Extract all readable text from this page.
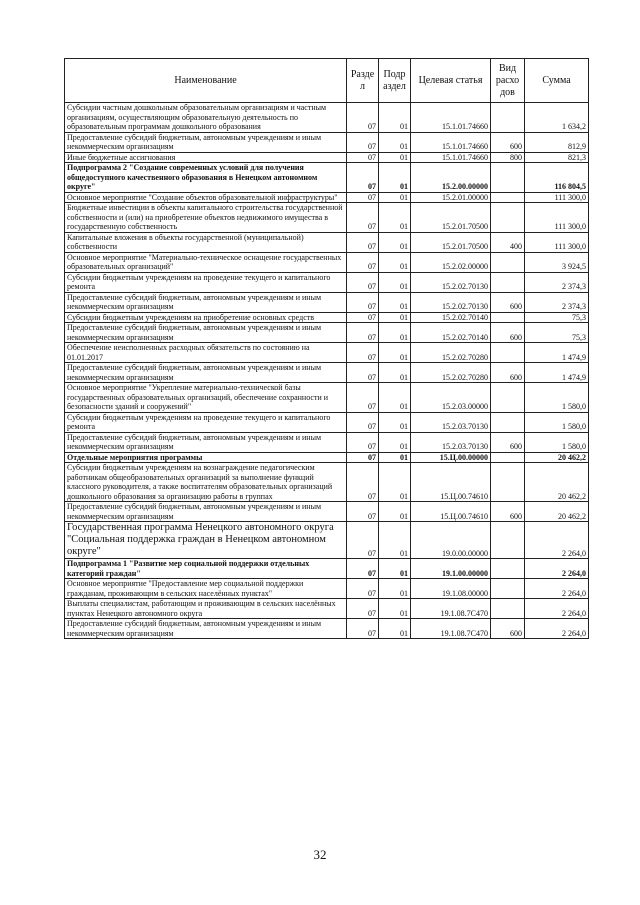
Наименование	Разде л	Подр аздел	Целевая статья	Вид расхо дов	Сумма
Субсидии частным дошкольным образовательным организациям и частным организациям, осуществляющим образовательную деятельность по образовательным программам дошкольного образования	07	01	15.1.01.74660		1 634,2
Предоставление субсидий бюджетным, автономным учреждениям и иным некоммерческим организациям	07	01	15.1.01.74660	600	812,9
Иные бюджетные ассигнования	07	01	15.1.01.74660	800	821,3
Подпрограмма 2 "Создание современных условий для получения общедоступного качественного образования в Ненецком автономном округе"	07	01	15.2.00.00000		116 804,5
Основное мероприятие "Создание объектов образовательной инфраструктуры"	07	01	15.2.01.00000		111 300,0
Бюджетные инвестиции в объекты капитального строительства государственной собственности и (или) на приобретение объектов недвижимого имущества в государственную собственность	07	01	15.2.01.70500		111 300,0
Капитальные вложения в объекты государственной (муниципальной) собственности	07	01	15.2.01.70500	400	111 300,0
Основное мероприятие "Материально-техническое оснащение государственных образовательных организаций"	07	01	15.2.02.00000		3 924,5
Субсидии бюджетным учреждениям на проведение текущего и капитального ремонта	07	01	15.2.02.70130		2 374,3
Предоставление субсидий бюджетным, автономным учреждениям и иным некоммерческим организациям	07	01	15.2.02.70130	600	2 374,3
Субсидии бюджетным учреждениям на приобретение основных средств	07	01	15.2.02.70140		75,3
Предоставление субсидий бюджетным, автономным учреждениям и иным некоммерческим организациям	07	01	15.2.02.70140	600	75,3
Обеспечение неисполненных расходных обязательств по состоянию на 01.01.2017	07	01	15.2.02.70280		1 474,9
Предоставление субсидий бюджетным, автономным учреждениям и иным некоммерческим организациям	07	01	15.2.02.70280	600	1 474,9
Основное мероприятие "Укрепление материально-технической базы государственных образовательных организаций, обеспечение сохранности и безопасности зданий и сооружений"	07	01	15.2.03.00000		1 580,0
Субсидии бюджетным учреждениям на проведение текущего и капитального ремонта	07	01	15.2.03.70130		1 580,0
Предоставление субсидий бюджетным, автономным учреждениям и иным некоммерческим организациям	07	01	15.2.03.70130	600	1 580,0
Отдельные мероприятия программы	07	01	15.Ц.00.00000		20 462,2
Субсидии бюджетным учреждениям на вознаграждение педагогическим работникам общеобразовательных организаций за выполнение функций классного руководителя, а также воспитателям образовательных организаций дошкольного образования за организацию работы в группах	07	01	15.Ц.00.74610		20 462,2
Предоставление субсидий бюджетным, автономным учреждениям и иным некоммерческим организациям	07	01	15.Ц.00.74610	600	20 462,2
Государственная программа Ненецкого автономного округа "Социальная поддержка граждан в Ненецком автономном округе"	07	01	19.0.00.00000		2 264,0
Подпрограмма 1 "Развитие мер социальной поддержки отдельных категорий граждан"	07	01	19.1.00.00000		2 264,0
Основное мероприятие "Предоставление мер социальной поддержки гражданам, проживающим в сельских населённых пунктах"	07	01	19.1.08.00000		2 264,0
Выплаты специалистам, работающим и проживающим в сельских населённых пунктах Ненецкого автономного округа	07	01	19.1.08.7С470		2 264,0
Предоставление субсидий бюджетным, автономным учреждениям и иным некоммерческим организациям	07	01	19.1.08.7С470	600	2 264,0
32
